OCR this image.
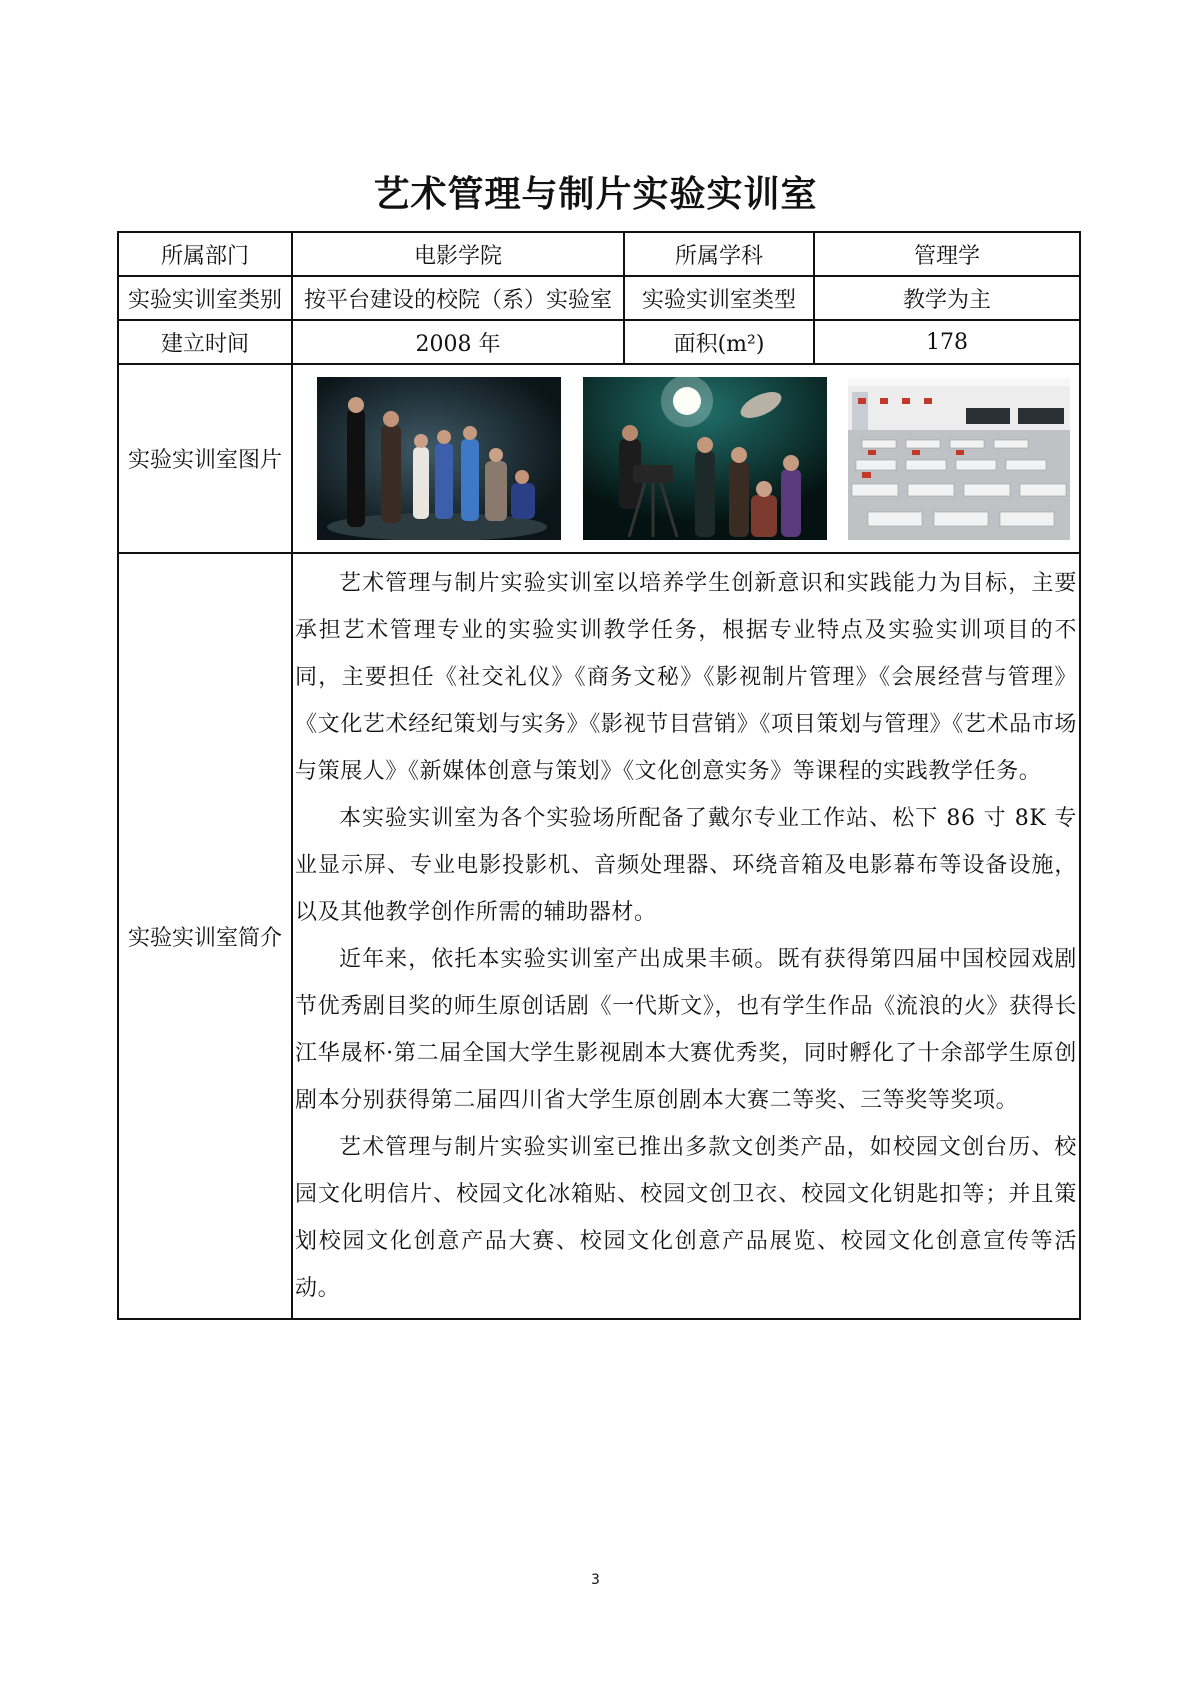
艺术管理与制片实验实训室
所属部门	电影学院	所属学科	管理学
实验实训室类别	按平台建设的校院（系）实验室	实验实训室类型	教学为主
建立时间	2008 年	面积(m²)	178
实验实训室图片	

实验实训室简介	艺术管理与制片实验实训室以培养学生创新意识和实践能力为目标，主要承担艺术管理专业的实验实训教学任务，根据专业特点及实验实训项目的不同，主要担任《社交礼仪》《商务文秘》《影视制片管理》《会展经营与管理》《文化艺术经纪策划与实务》《影视节目营销》《项目策划与管理》《艺术品市场与策展人》《新媒体创意与策划》《文化创意实务》等课程的实践教学任务。

本实验实训室为各个实验场所配备了戴尔专业工作站、松下 86 寸 8K 专业显示屏、专业电影投影机、音频处理器、环绕音箱及电影幕布等设备设施，以及其他教学创作所需的辅助器材。

近年来，依托本实验实训室产出成果丰硕。既有获得第四届中国校园戏剧节优秀剧目奖的师生原创话剧《一代斯文》，也有学生作品《流浪的火》获得长江华晟杯·第二届全国大学生影视剧本大赛优秀奖，同时孵化了十余部学生原创剧本分别获得第二届四川省大学生原创剧本大赛二等奖、三等奖等奖项。

艺术管理与制片实验实训室已推出多款文创类产品，如校园文创台历、校园文化明信片、校园文化冰箱贴、校园文创卫衣、校园文化钥匙扣等；并且策划校园文化创意产品大赛、校园文化创意产品展览、校园文化创意宣传等活动。		

3
